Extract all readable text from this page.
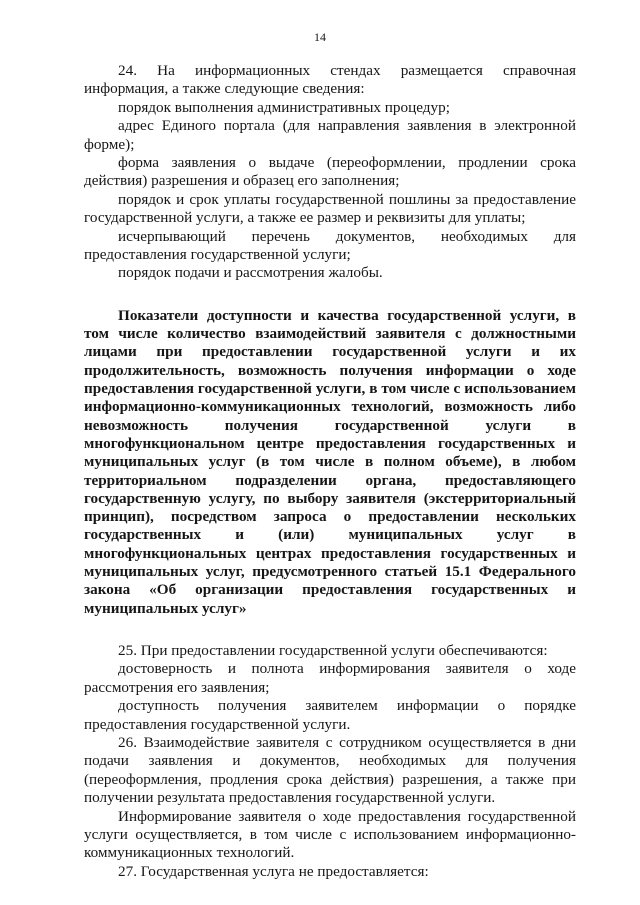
14

24. На информационных стендах размещается справочная информация, а также следующие сведения:

порядок выполнения административных процедур;

адрес Единого портала (для направления заявления в электронной форме);

форма заявления о выдаче (переоформлении, продлении срока действия) разрешения и образец его заполнения;

порядок и срок уплаты государственной пошлины за предоставление государственной услуги, а также ее размер и реквизиты для уплаты;

исчерпывающий перечень документов, необходимых для предоставления государственной услуги;

порядок подачи и рассмотрения жалобы.

Показатели доступности и качества государственной услуги, в том числе количество взаимодействий заявителя с должностными лицами при предоставлении государственной услуги и их продолжительность, возможность получения информации о ходе предоставления государственной услуги, в том числе с использованием информационно-коммуникационных технологий, возможность либо невозможность получения государственной услуги в многофункциональном центре предоставления государственных и муниципальных услуг (в том числе в полном объеме), в любом территориальном подразделении органа, предоставляющего государственную услугу, по выбору заявителя (экстерриториальный принцип), посредством запроса о предоставлении нескольких государственных и (или) муниципальных услуг в многофункциональных центрах предоставления государственных и муниципальных услуг, предусмотренного статьей 15.1 Федерального закона «Об организации предоставления государственных и муниципальных услуг»

25. При предоставлении государственной услуги обеспечиваются:

достоверность и полнота информирования заявителя о ходе рассмотрения его заявления;

доступность получения заявителем информации о порядке предоставления государственной услуги.

26. Взаимодействие заявителя с сотрудником осуществляется в дни подачи заявления и документов, необходимых для получения (переоформления, продления срока действия) разрешения, а также при получении результата предоставления государственной услуги.

Информирование заявителя о ходе предоставления государственной услуги осуществляется, в том числе с использованием информационно-коммуникационных технологий.

27. Государственная услуга не предоставляется:
